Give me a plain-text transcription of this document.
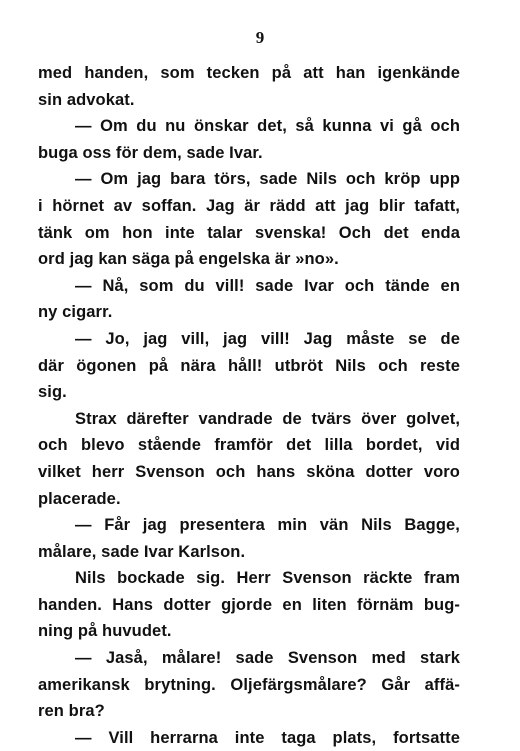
9
med handen, som tecken på att han igenkände
sin advokat.
— Om du nu önskar det, så kunna vi gå och
buga oss för dem, sade Ivar.
— Om jag bara törs, sade Nils och kröp upp
i hörnet av soffan. Jag är rädd att jag blir tafatt,
tänk om hon inte talar svenska! Och det enda
ord jag kan säga på engelska är »no».
— Nå, som du vill! sade Ivar och tände en
ny cigarr.
— Jo, jag vill, jag vill! Jag måste se de
där ögonen på nära håll! utbröt Nils och reste
sig.
Strax därefter vandrade de tvärs över golvet,
och blevo stående framför det lilla bordet, vid
vilket herr Svenson och hans sköna dotter voro
placerade.
— Får jag presentera min vän Nils Bagge,
målare, sade Ivar Karlson.
Nils bockade sig. Herr Svenson räckte fram
handen. Hans dotter gjorde en liten förnäm bug-
ning på huvudet.
— Jaså, målare! sade Svenson med stark
amerikansk brytning. Oljefärgsmålare? Går affä-
ren bra?
— Vill herrarna inte taga plats, fortsatte
